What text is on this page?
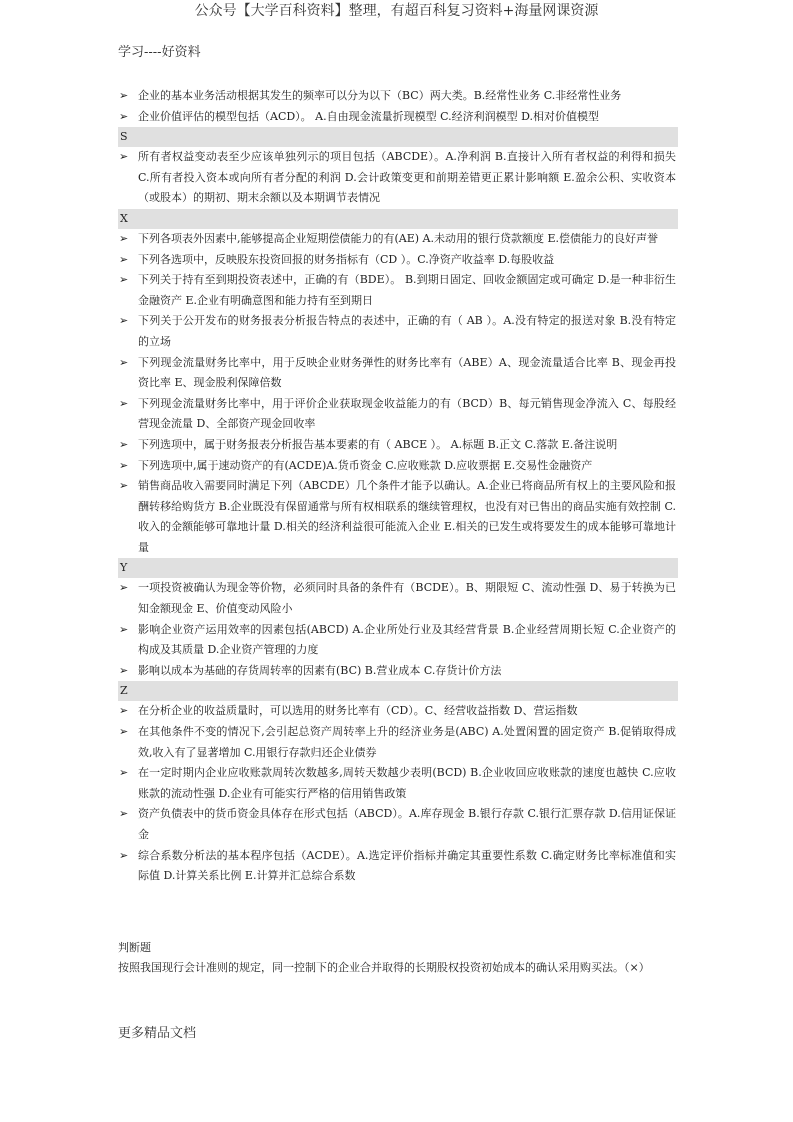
公众号【大学百科资料】整理，有超百科复习资料+海量网课资源
学习----好资料
➢ 企业的基本业务活动根据其发生的频率可以分为以下（BC）两大类。B.经常性业务 C.非经常性业务
➢ 企业价值评估的模型包括（ACD）。 A.自由现金流量折现模型 C.经济利润模型 D.相对价值模型
S
➢ 所有者权益变动表至少应该单独列示的项目包括（ABCDE）。A.净利润 B.直接计入所有者权益的利得和损失 C.所有者投入资本或向所有者分配的利润 D.会计政策变更和前期差错更正累计影响额 E.盈余公积、实收资本（或股本）的期初、期末余额以及本期调节表情况
X
➢ 下列各项表外因素中,能够提高企业短期偿债能力的有(AE) A.未动用的银行贷款额度 E.偿债能力的良好声誉
➢ 下列各选项中，反映股东投资回报的财务指标有（CD ）。C.净资产收益率 D.每股收益
➢ 下列关于持有至到期投资表述中，正确的有（BDE）。 B.到期日固定、回收金额固定或可确定 D.是一种非衍生金融资产 E.企业有明确意图和能力持有至到期日
➢ 下列关于公开发布的财务报表分析报告特点的表述中，正确的有（ AB ）。A.没有特定的报送对象 B.没有特定的立场
➢ 下列现金流量财务比率中，用于反映企业财务弹性的财务比率有（ABE）A、现金流量适合比率 B、现金再投资比率 E、现金股利保障倍数
➢ 下列现金流量财务比率中，用于评价企业获取现金收益能力的有（BCD）B、每元销售现金净流入 C、每股经营现金流量 D、全部资产现金回收率
➢ 下列选项中，属于财务报表分析报告基本要素的有（ ABCE ）。 A.标题 B.正文 C.落款 E.备注说明
➢ 下列选项中,属于速动资产的有(ACDE)A.货币资金 C.应收账款 D.应收票据 E.交易性金融资产
➢ 销售商品收入需要同时满足下列（ABCDE）几个条件才能予以确认。A.企业已将商品所有权上的主要风险和报酬转移给购货方 B.企业既没有保留通常与所有权相联系的继续管理权，也没有对已售出的商品实施有效控制 C.收入的金额能够可靠地计量 D.相关的经济利益很可能流入企业 E.相关的已发生或将要发生的成本能够可靠地计量
Y
➢ 一项投资被确认为现金等价物，必须同时具备的条件有（BCDE）。B、期限短 C、流动性强 D、易于转换为已知金额现金 E、价值变动风险小
➢ 影响企业资产运用效率的因素包括(ABCD) A.企业所处行业及其经营背景 B.企业经营周期长短 C.企业资产的构成及其质量 D.企业资产管理的力度
➢ 影响以成本为基础的存货周转率的因素有(BC) B.营业成本 C.存货计价方法
Z
➢ 在分析企业的收益质量时，可以选用的财务比率有（CD）。C、经营收益指数 D、营运指数
➢ 在其他条件不变的情况下,会引起总资产周转率上升的经济业务是(ABC) A.处置闲置的固定资产 B.促销取得成效,收入有了显著增加 C.用银行存款归还企业债券
➢ 在一定时期内企业应收账款周转次数越多,周转天数越少表明(BCD) B.企业收回应收账款的速度也越快 C.应收账款的流动性强 D.企业有可能实行严格的信用销售政策
➢ 资产负债表中的货币资金具体存在形式包括（ABCD）。A.库存现金 B.银行存款 C.银行汇票存款 D.信用证保证金
➢ 综合系数分析法的基本程序包括（ACDE）。A.选定评价指标并确定其重要性系数 C.确定财务比率标准值和实际值 D.计算关系比例 E.计算并汇总综合系数
判断题
按照我国现行会计准则的规定，同一控制下的企业合并取得的长期股权投资初始成本的确认采用购买法。（×）
更多精品文档
